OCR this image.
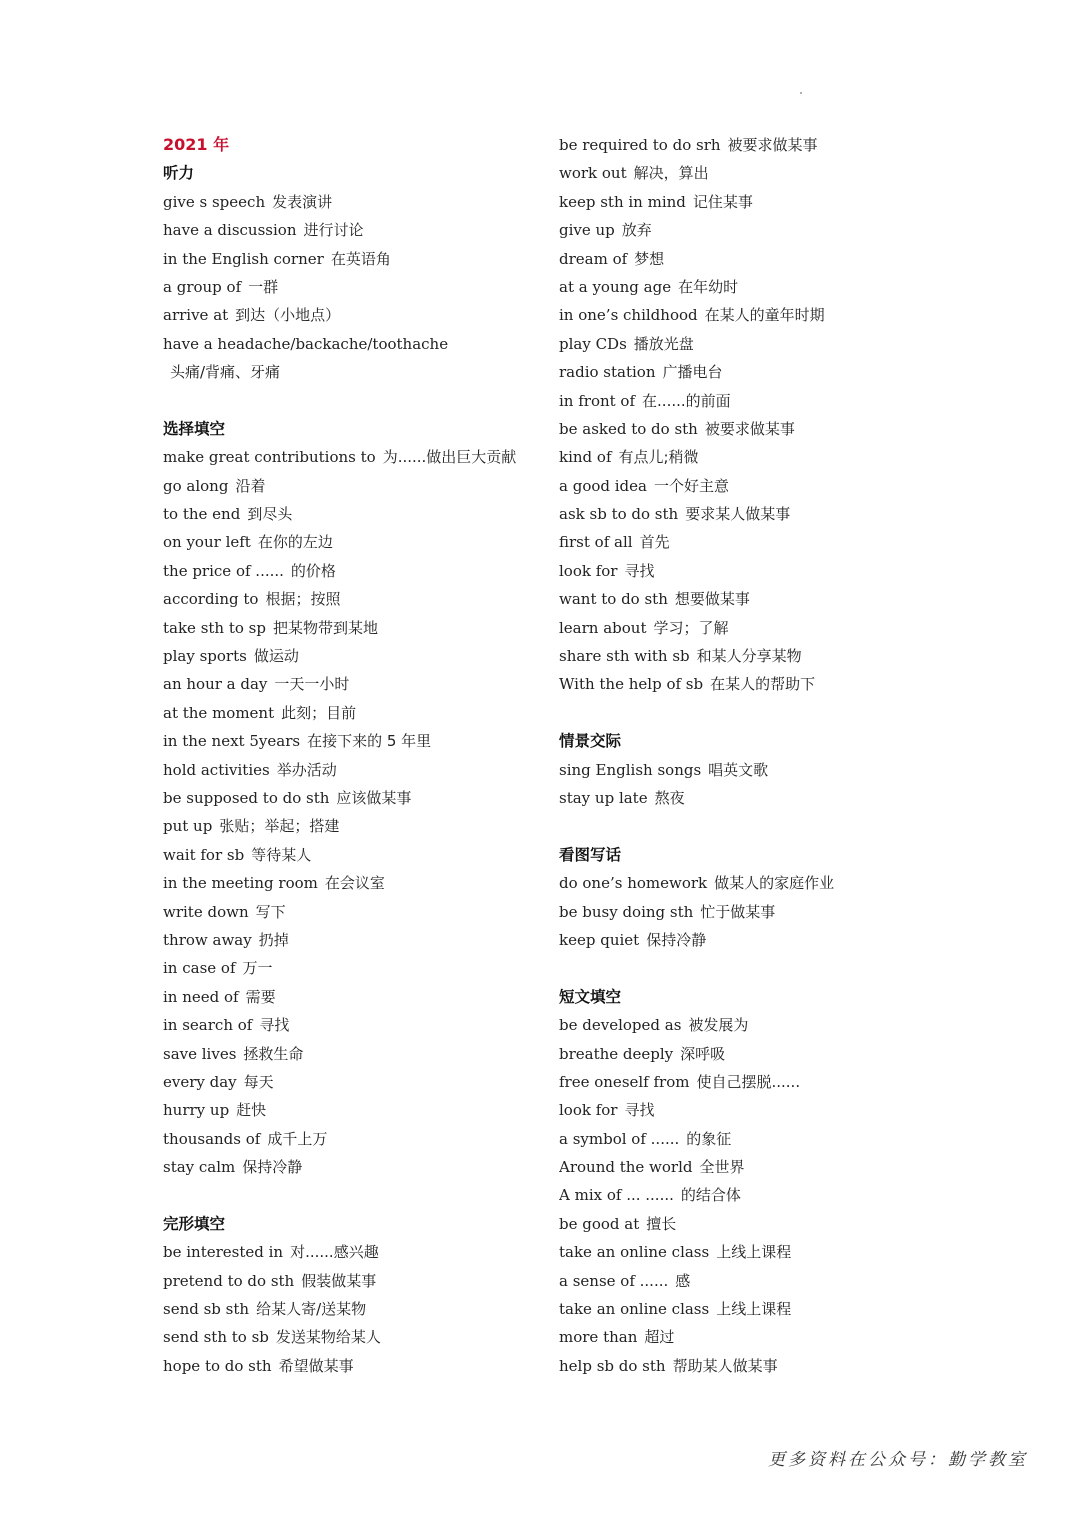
2021 年
听力
give s speech 发表演讲
have a discussion 进行讨论
in the English corner 在英语角
a group of 一群
arrive at 到达（小地点）
have a headache/backache/toothache
头痛/背痛、牙痛
选择填空
make great contributions to 为......做出巨大贡献
go along 沿着
to the end 到尽头
on your left 在你的左边
the price of ...... 的价格
according to 根据；按照
take sth to sp 把某物带到某地
play sports 做运动
an hour a day 一天一小时
at the moment 此刻；目前
in the next 5years 在接下来的 5 年里
hold activities 举办活动
be supposed to do sth 应该做某事
put up 张贴；举起；搭建
wait for sb 等待某人
in the meeting room 在会议室
write down 写下
throw away 扔掉
in case of 万一
in need of 需要
in search of 寻找
save lives 拯救生命
every day 每天
hurry up 赶快
thousands of 成千上万
stay calm 保持冷静
完形填空
be interested in 对......感兴趣
pretend to do sth 假装做某事
send sb sth 给某人寄/送某物
send sth to sb 发送某物给某人
hope to do sth 希望做某事
be required to do srh 被要求做某事
work out 解决，算出
keep sth in mind 记住某事
give up 放弃
dream of 梦想
at a young age 在年幼时
in one’s childhood 在某人的童年时期
play CDs 播放光盘
radio station 广播电台
in front of 在......的前面
be asked to do sth 被要求做某事
kind of 有点儿;稍微
a good idea 一个好主意
ask sb to do sth 要求某人做某事
first of all 首先
look for 寻找
want to do sth 想要做某事
learn about 学习；了解
share sth with sb 和某人分享某物
With the help of sb 在某人的帮助下
情景交际
sing English songs 唱英文歌
stay up late 熬夜
看图写话
do one’s homework 做某人的家庭作业
be busy doing sth 忙于做某事
keep quiet 保持冷静
短文填空
be developed as 被发展为
breathe deeply 深呼吸
free oneself from 使自己摆脱......
look for 寻找
a symbol of ...... 的象征
Around the world 全世界
A mix of ... ...... 的结合体
be good at 擅长
take an online class 上线上课程
a sense of ...... 感
take an online class 上线上课程
more than 超过
help sb do sth 帮助某人做某事
更多资料在公众号：勤学教室
